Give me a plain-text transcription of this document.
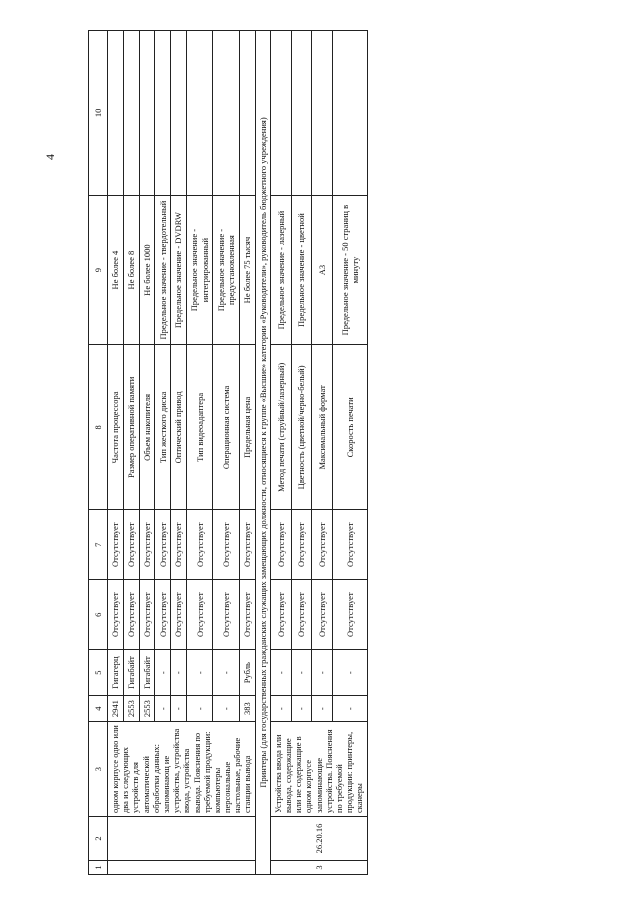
4
1	2	3	4	5	6	7	8	9	10
		одном корпусе одно или два из следующих устройств для автоматической обработки данных: запоминающ ие устройства, устройства ввода, устройства вывода. Пояснения по требуемой продукции: компьютеры персональные настольные, рабочие станции вывода	2941	Гигагерц	Отсутствует	Отсутствует	Частота процессора	Не более 4	
			2553	Гигабайт	Отсутствует	Отсутствует	Размер оперативной памяти	Не более 8	
			2553	Гигабайт	Отсутствует	Отсутствует	Объем накопителя	Не более 1000	
			-	-	Отсутствует	Отсутствует	Тип жесткого диска	Предельное значение - твердотельный	
			-	-	Отсутствует	Отсутствует	Оптический привод	Предельное значение - DVDRW	
			-	-	Отсутствует	Отсутствует	Тип видеоадаптера	Предельное значение - интегрированный	
			-	-	Отсутствует	Отсутствует	Операционная система	Предельное значение - предустановленная	
			383	Рубль	Отсутствует	Отсутствует	Предельная цена	Не более 75 тысяч	
Принтеры (для государственных гражданских служащих замещающих должности, относящиеся к группе «Высшие» категории «Руководители», руководитель бюджетного учреждения)									
3	26.20.16	Устройства ввода или вывода, содержащие или не содержащие в одном корпусе запоминающие устройства. Пояснения по требуемой продукции: принтеры, сканеры	-	-	Отсутствует	Отсутствует	Метод печати (струйный/лазерный)	Предельное значение - лазерный	
			-	-	Отсутствует	Отсутствует	Цветность (цветной/черно-белый)	Предельное значение - цветной	
			-	-	Отсутствует	Отсутствует	Максимальный формат	А3	
			-	-	Отсутствует	Отсутствует	Скорость печати	Предельное значение - 50 страниц в минуту	
